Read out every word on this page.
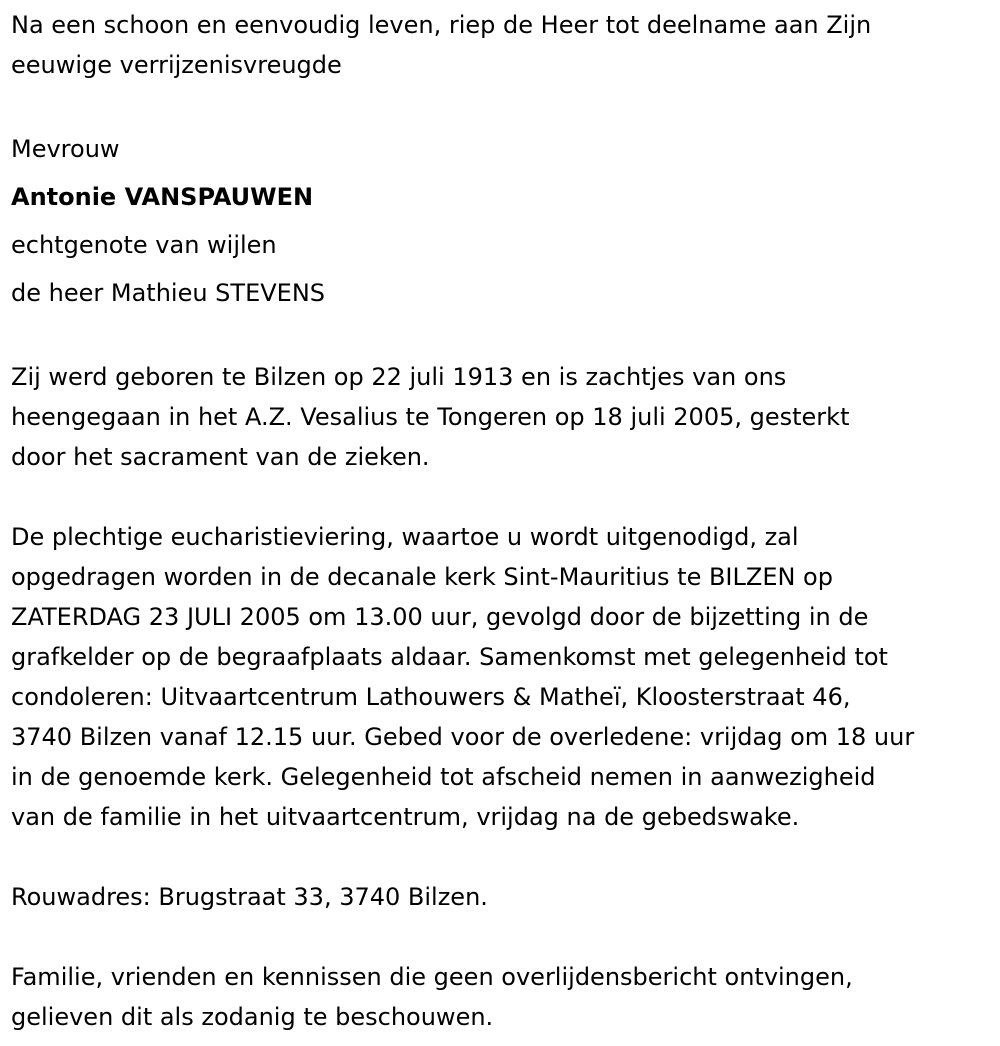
Na een schoon en eenvoudig leven, riep de Heer tot deelname aan Zijn
eeuwige verrijzenisvreugde

Mevrouw
Antonie VANSPAUWEN
echtgenote van wijlen
de heer Mathieu STEVENS

Zij werd geboren te Bilzen op 22 juli 1913 en is zachtjes van ons
heengegaan in het A.Z. Vesalius te Tongeren op 18 juli 2005, gesterkt
door het sacrament van de zieken.

De plechtige eucharistieviering, waartoe u wordt uitgenodigd, zal
opgedragen worden in de decanale kerk Sint-Mauritius te BILZEN op
ZATERDAG 23 JULI 2005 om 13.00 uur, gevolgd door de bijzetting in de
grafkelder op de begraafplaats aldaar. Samenkomst met gelegenheid tot
condoleren: Uitvaartcentrum Lathouwers & Matheï, Kloosterstraat 46,
3740 Bilzen vanaf 12.15 uur. Gebed voor de overledene: vrijdag om 18 uur
in de genoemde kerk. Gelegenheid tot afscheid nemen in aanwezigheid
van de familie in het uitvaartcentrum, vrijdag na de gebedswake.

Rouwadres: Brugstraat 33, 3740 Bilzen.

Familie, vrienden en kennissen die geen overlijdensbericht ontvingen,
gelieven dit als zodanig te beschouwen.
